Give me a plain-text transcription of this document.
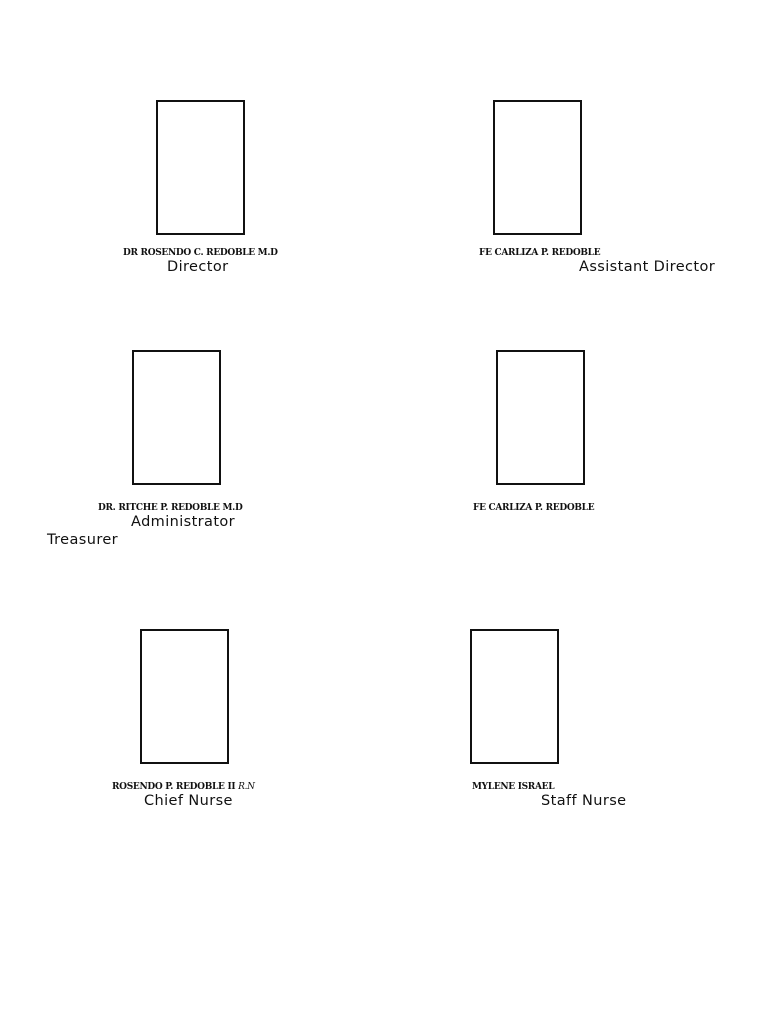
DR ROSENDO C. REDOBLE M.D
Director
FE CARLIZA P. REDOBLE
Assistant Director
DR. RITCHE P. REDOBLE M.D
Administrator
FE CARLIZA P. REDOBLE
Treasurer
ROSENDO P. REDOBLE II R.N
Chief Nurse
MYLENE ISRAEL
Staff Nurse
